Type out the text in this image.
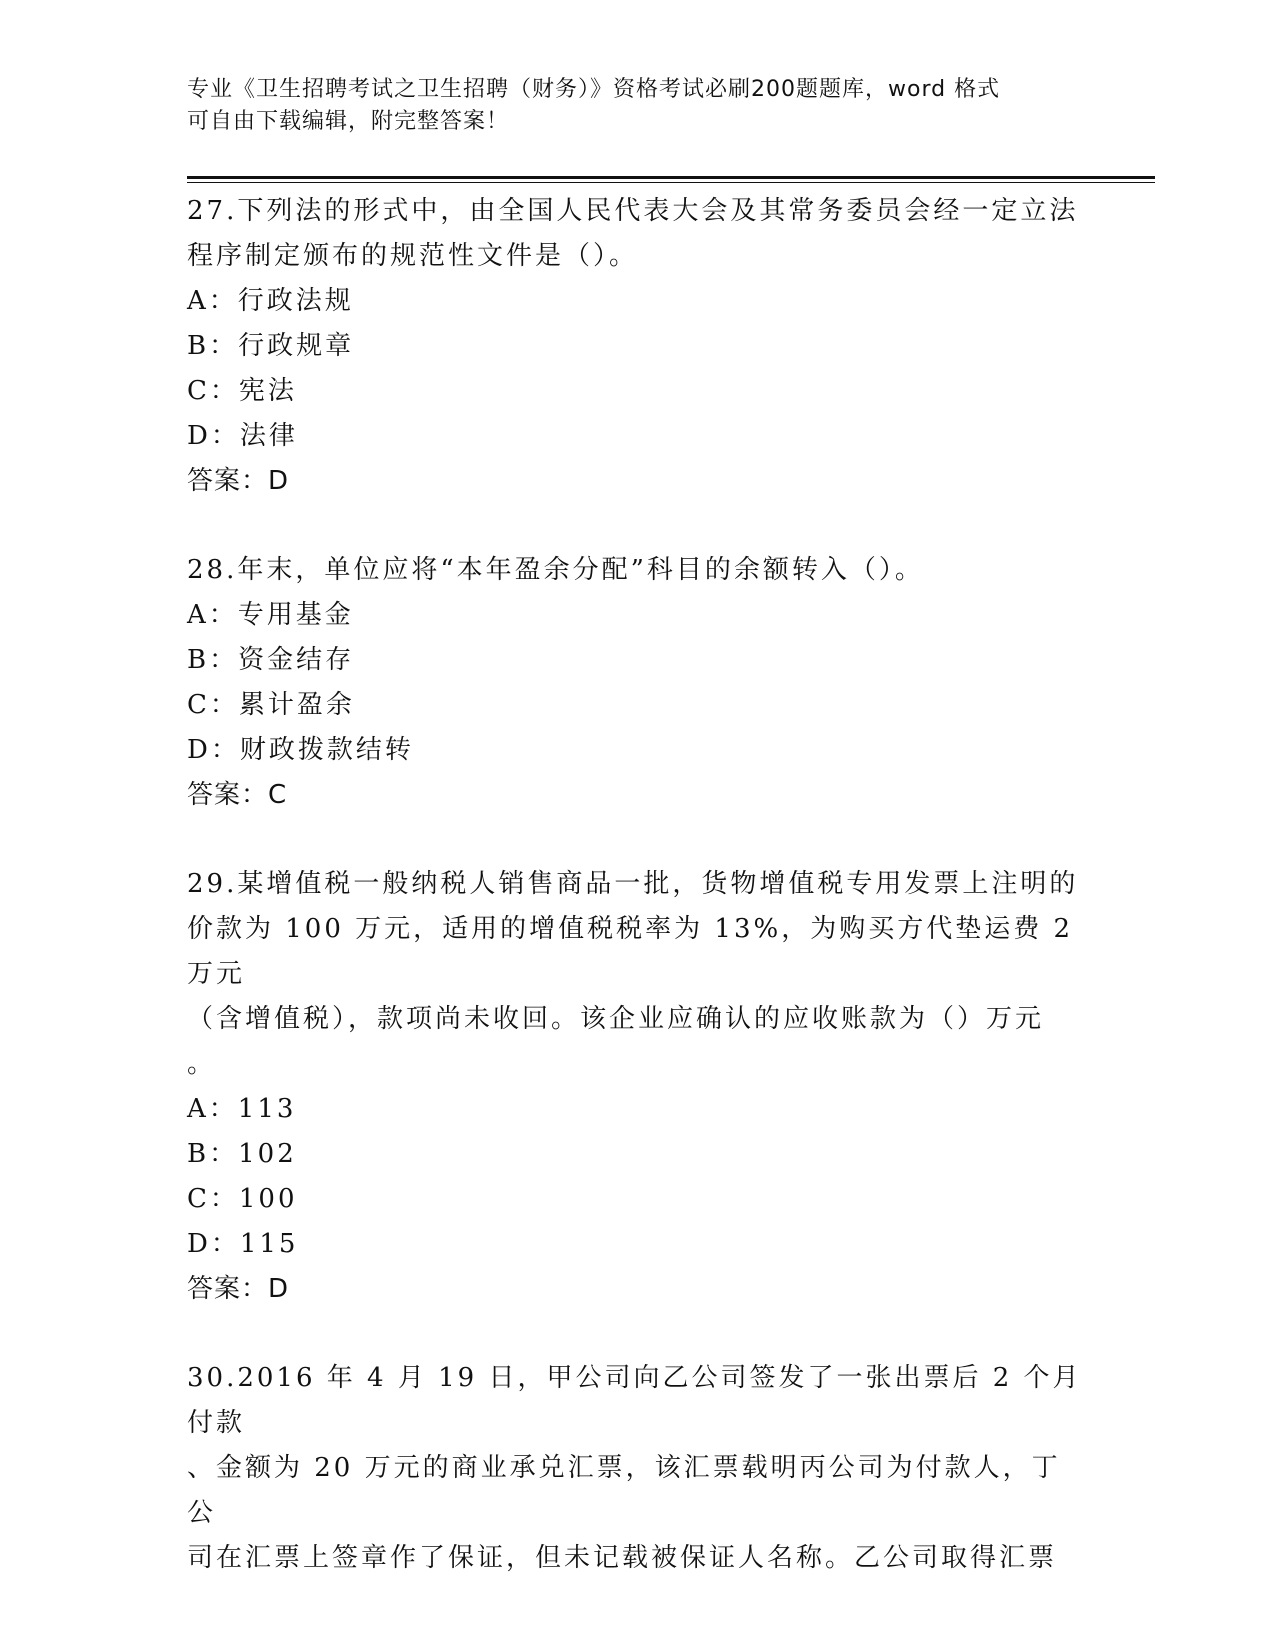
专业《卫生招聘考试之卫生招聘（财务）》资格考试必刷200题题库，word 格式
可自由下载编辑，附完整答案！
27.下列法的形式中，由全国人民代表大会及其常务委员会经一定立法
程序制定颁布的规范性文件是（）。
A：行政法规
B：行政规章
C：宪法
D：法律
答案：D
28.年末，单位应将“本年盈余分配”科目的余额转入（）。
A：专用基金
B：资金结存
C：累计盈余
D：财政拨款结转
答案：C
29.某增值税一般纳税人销售商品一批，货物增值税专用发票上注明的
价款为 100 万元，适用的增值税税率为 13%，为购买方代垫运费 2 万元
（含增值税），款项尚未收回。该企业应确认的应收账款为（）万元
。
A：113
B：102
C：100
D：115
答案：D
30.2016 年 4 月 19 日，甲公司向乙公司签发了一张出票后 2 个月付款
、金额为 20 万元的商业承兑汇票，该汇票载明丙公司为付款人，丁公
司在汇票上签章作了保证，但未记载被保证人名称。乙公司取得汇票
